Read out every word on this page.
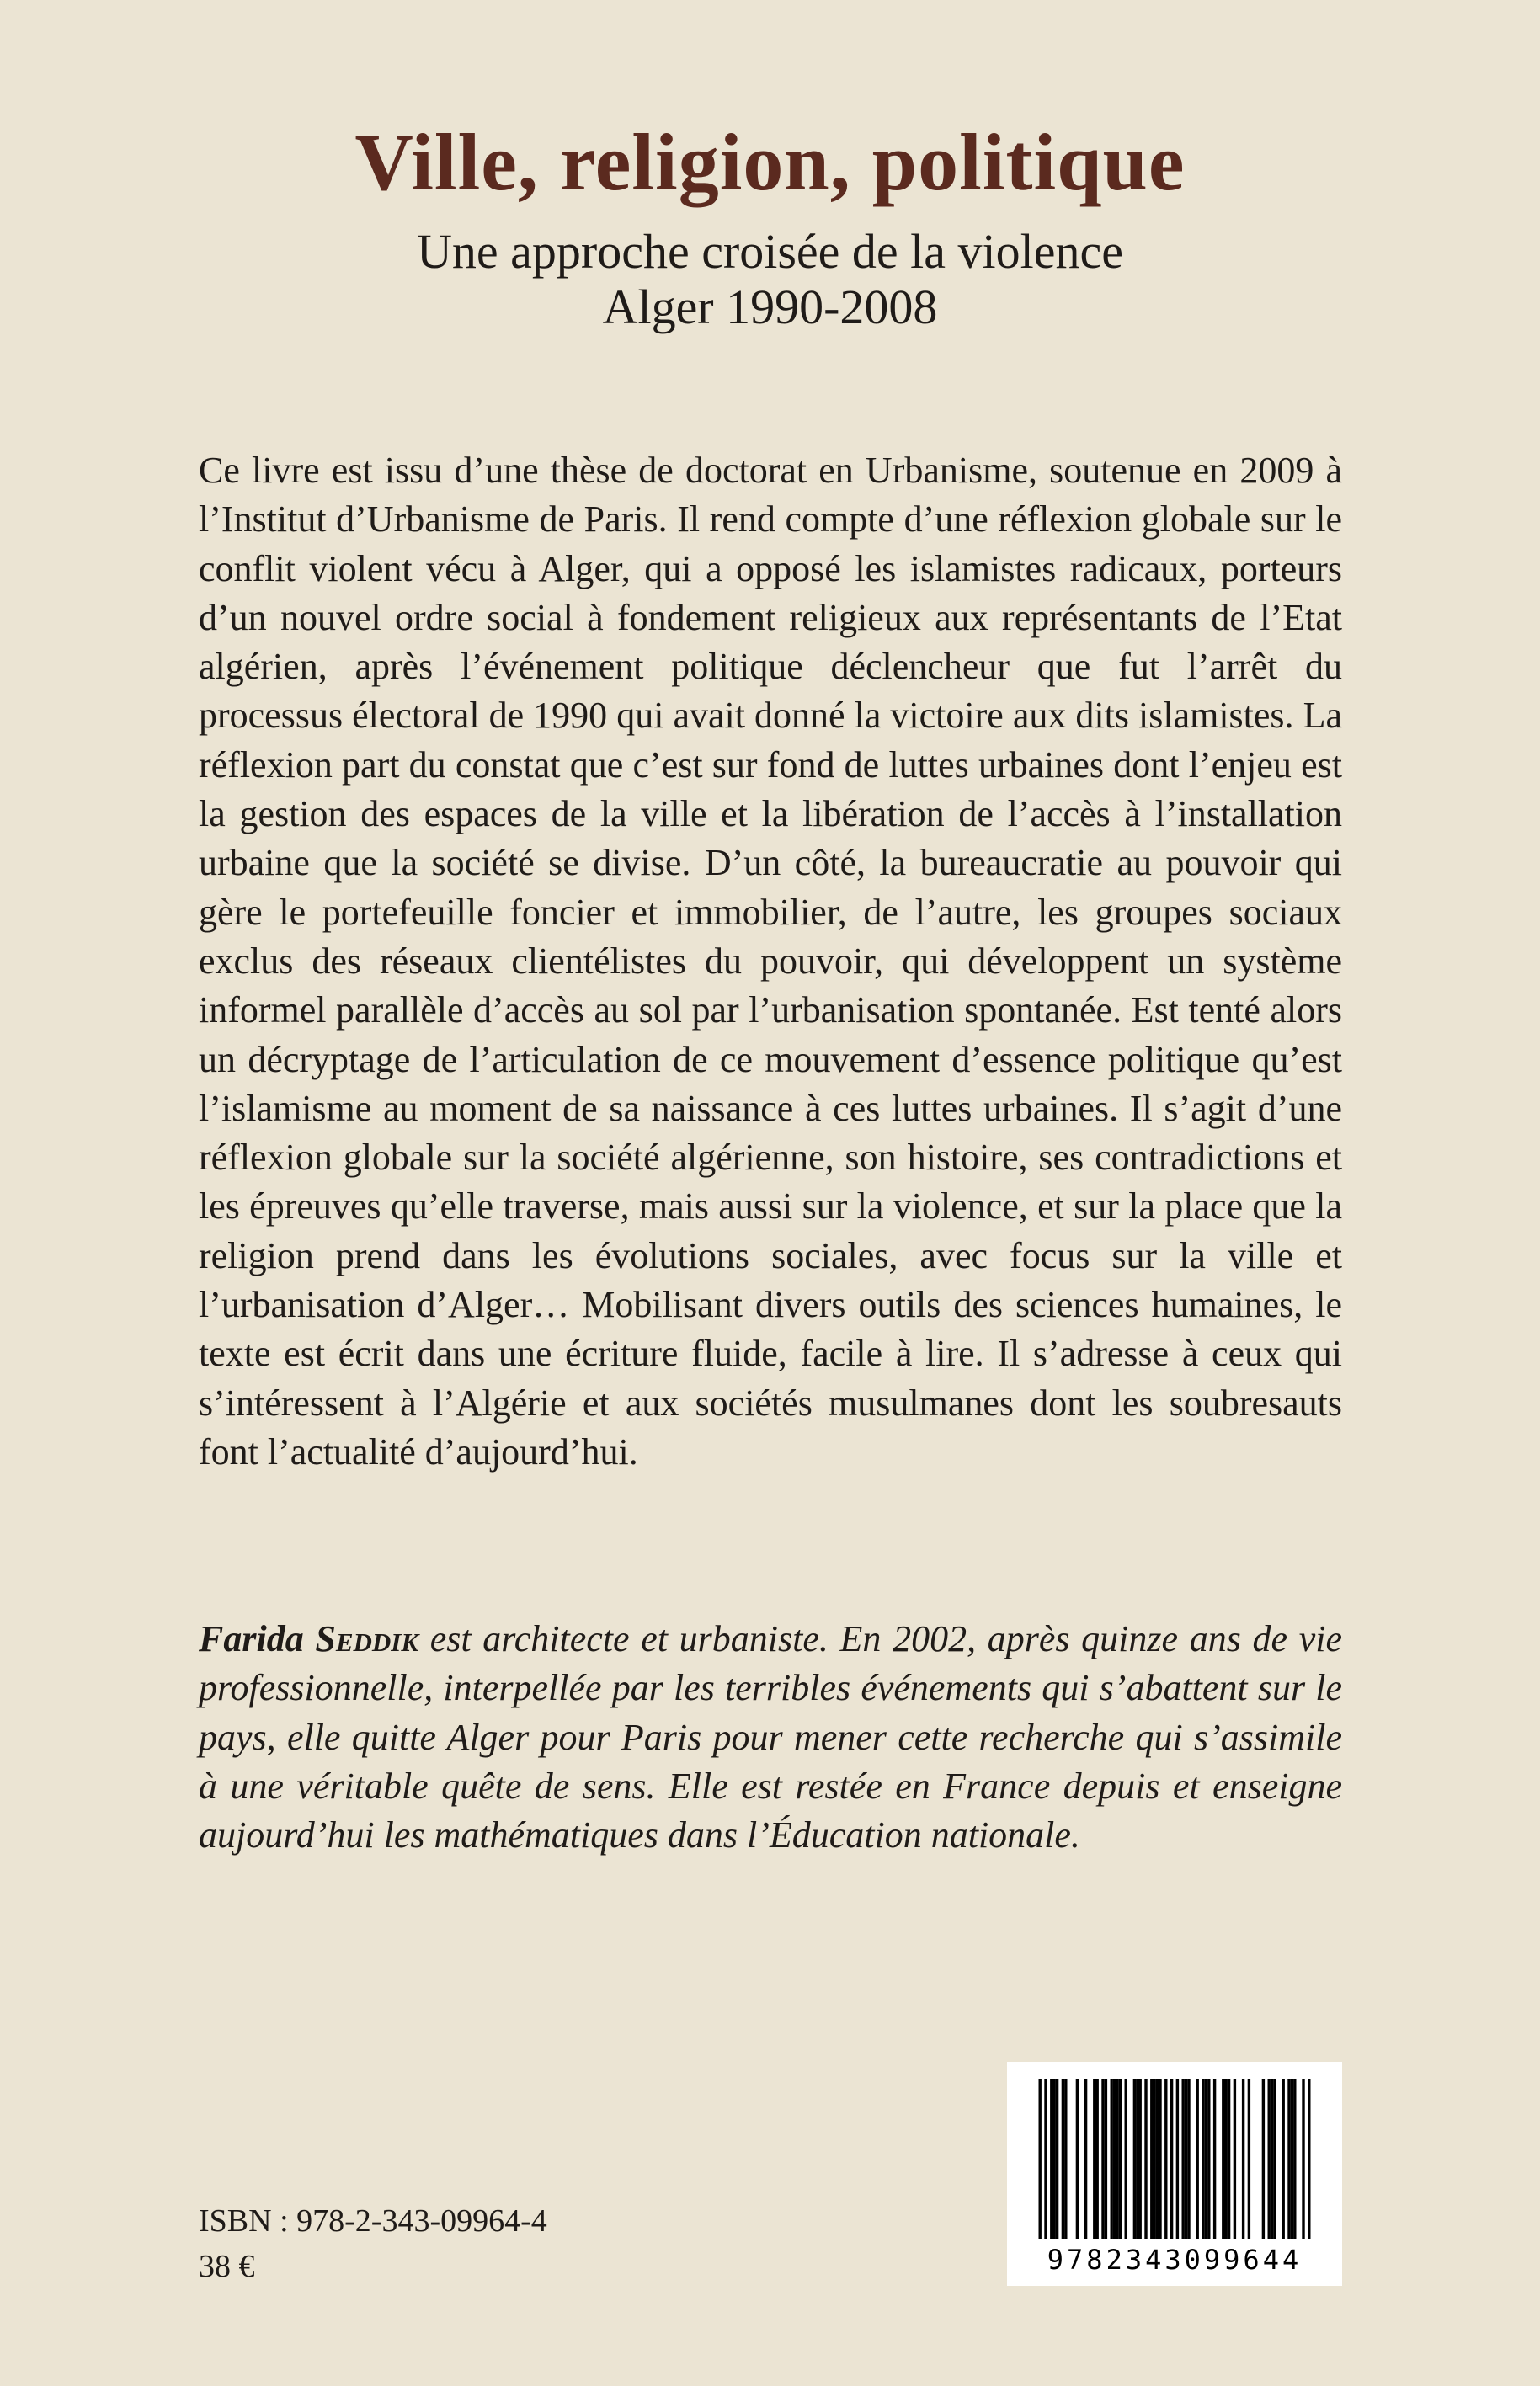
Ville, religion, politique

Une approche croisée de la violence

Alger 1990-2008

Ce livre est issu d’une thèse de doctorat en Urbanisme, soutenue en 2009 à l’Institut d’Urbanisme de Paris. Il rend compte d’une réflexion globale sur le conflit violent vécu à Alger, qui a opposé les islamistes radicaux, porteurs d’un nouvel ordre social à fondement religieux aux représentants de l’Etat algérien, après l’événement politique déclencheur que fut l’arrêt du processus électoral de 1990 qui avait donné la victoire aux dits islamistes. La réflexion part du constat que c’est sur fond de luttes urbaines dont l’enjeu est la gestion des espaces de la ville et la libération de l’accès à l’installation urbaine que la société se divise. D’un côté, la bureaucratie au pouvoir qui gère le portefeuille foncier et immobilier, de l’autre, les groupes sociaux exclus des réseaux clientélistes du pouvoir, qui développent un système informel parallèle d’accès au sol par l’urbanisation spontanée. Est tenté alors un décryptage de l’articulation de ce mouvement d’essence politique qu’est l’islamisme au moment de sa naissance à ces luttes urbaines. Il s’agit d’une réflexion globale sur la société algérienne, son histoire, ses contradictions et les épreuves qu’elle traverse, mais aussi sur la violence, et sur la place que la religion prend dans les évolutions sociales, avec focus sur la ville et l’urbanisation d’Alger… Mobilisant divers outils des sciences humaines, le texte est écrit dans une écriture fluide, facile à lire. Il s’adresse à ceux qui s’intéressent à l’Algérie et aux sociétés musulmanes dont les soubresauts font l’actualité d’aujourd’hui.

Farida Seddik est architecte et urbaniste. En 2002, après quinze ans de vie professionnelle, interpellée par les terribles événements qui s’abattent sur le pays, elle quitte Alger pour Paris pour mener cette recherche qui s’assimile à une véritable quête de sens. Elle est restée en France depuis et enseigne aujourd’hui les mathématiques dans l’Éducation nationale.

ISBN : 978-2-343-09964-4

38 €	9782343099644
